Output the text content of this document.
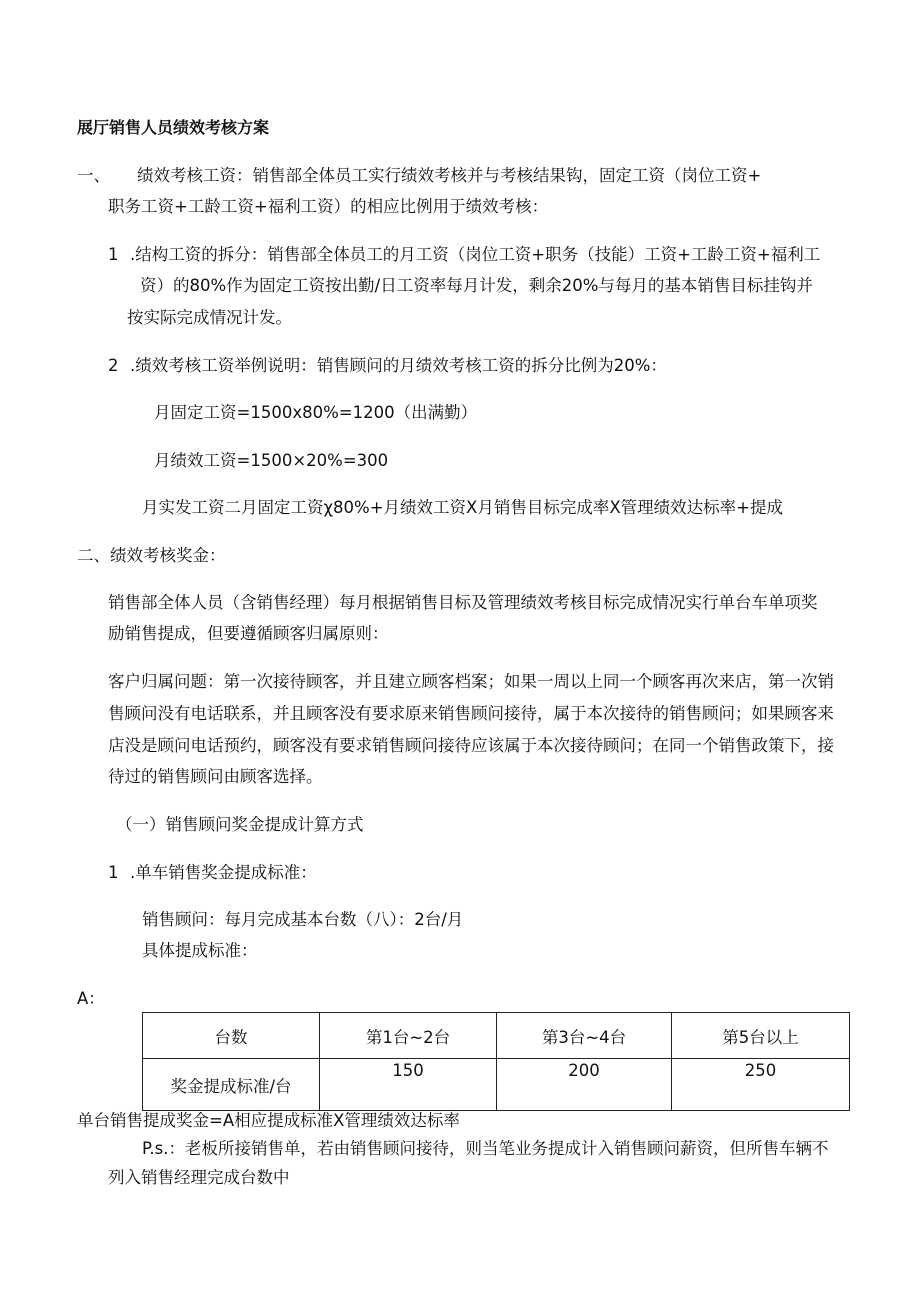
展厅销售人员绩效考核方案

一、 绩效考核工资：销售部全体员工实行绩效考核并与考核结果钩，固定工资（岗位工资+

职务工资+工龄工资+福利工资）的相应比例用于绩效考核：

1 .结构工资的拆分：销售部全体员工的月工资（岗位工资+职务（技能）工资+工龄工资+福利工

资）的80%作为固定工资按出勤/日工资率每月计发，剩余20%与每月的基本销售目标挂钩并

按实际完成情况计发。

2 .绩效考核工资举例说明：销售顾问的月绩效考核工资的拆分比例为20%：

月固定工资=1500x80%=1200（出满勤）

月绩效工资=1500×20%=300

月实发工资二月固定工资χ80%+月绩效工资X月销售目标完成率X管理绩效达标率+提成

二、绩效考核奖金：

销售部全体人员（含销售经理）每月根据销售目标及管理绩效考核目标完成情况实行单台车单项奖

励销售提成，但要遵循顾客归属原则：

客户归属问题：第一次接待顾客，并且建立顾客档案；如果一周以上同一个顾客再次来店，第一次销

售顾问没有电话联系，并且顾客没有要求原来销售顾问接待，属于本次接待的销售顾问；如果顾客来

店没是顾问电话预约，顾客没有要求销售顾问接待应该属于本次接待顾问；在同一个销售政策下，接

待过的销售顾问由顾客选择。

（一）销售顾问奖金提成计算方式

1 .单车销售奖金提成标准：

销售顾问：每月完成基本台数（八）：2台/月

具体提成标准：

A：

台数	第1台~2台	第3台~4台	第5台以上
奖金提成标准/台	150	200	250

单台销售提成奖金=A相应提成标准X管理绩效达标率

P.s.：老板所接销售单，若由销售顾问接待，则当笔业务提成计入销售顾问薪资，但所售车辆不

列入销售经理完成台数中
